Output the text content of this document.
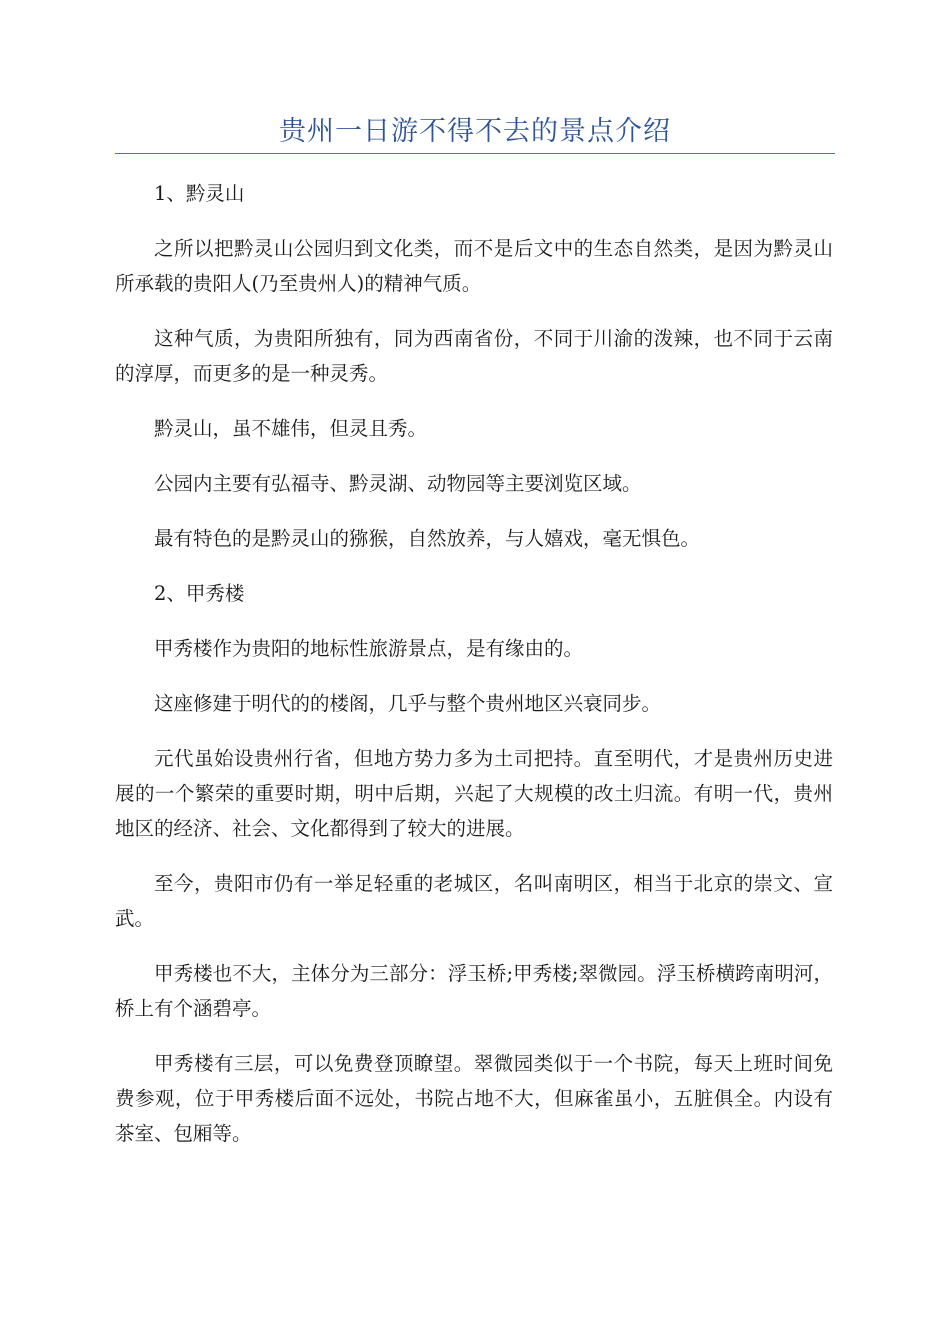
贵州一日游不得不去的景点介绍

1、黔灵山

之所以把黔灵山公园归到文化类，而不是后文中的生态自然类，是因为黔灵山所承载的贵阳人(乃至贵州人)的精神气质。

这种气质，为贵阳所独有，同为西南省份，不同于川渝的泼辣，也不同于云南的淳厚，而更多的是一种灵秀。

黔灵山，虽不雄伟，但灵且秀。

公园内主要有弘福寺、黔灵湖、动物园等主要浏览区域。

最有特色的是黔灵山的猕猴，自然放养，与人嬉戏，毫无惧色。

2、甲秀楼

甲秀楼作为贵阳的地标性旅游景点，是有缘由的。

这座修建于明代的的楼阁，几乎与整个贵州地区兴衰同步。

元代虽始设贵州行省，但地方势力多为土司把持。直至明代，才是贵州历史进展的一个繁荣的重要时期，明中后期，兴起了大规模的改土归流。有明一代，贵州地区的经济、社会、文化都得到了较大的进展。

至今，贵阳市仍有一举足轻重的老城区，名叫南明区，相当于北京的崇文、宣武。

甲秀楼也不大，主体分为三部分：浮玉桥;甲秀楼;翠微园。浮玉桥横跨南明河，桥上有个涵碧亭。

甲秀楼有三层，可以免费登顶瞭望。翠微园类似于一个书院，每天上班时间免费参观，位于甲秀楼后面不远处，书院占地不大，但麻雀虽小，五脏俱全。内设有茶室、包厢等。
